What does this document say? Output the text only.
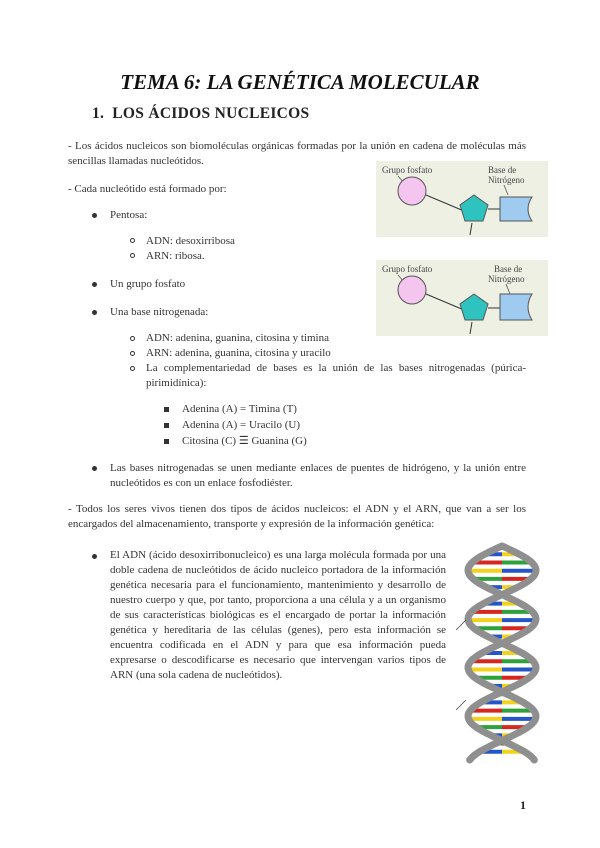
TEMA 6: LA GENÉTICA MOLECULAR
1. LOS ÁCIDOS NUCLEICOS
- Los ácidos nucleicos son biomoléculas orgánicas formadas por la unión en cadena de moléculas más sencillas llamadas nucleótidos.
- Cada nucleótido está formado por:
Pentosa:
ADN: desoxirribosa
ARN: ribosa.
Un grupo fosfato
Una base nitrogenada:
ADN: adenina, guanina, citosina y timina
ARN: adenina, guanina, citosina y uracilo
La complementariedad de bases es la unión de las bases nitrogenadas (púrica-pirimidínica):
Adenina (A) = Timina (T)
Adenina (A) = Uracilo (U)
Citosina (C) ☰ Guanina (G)
Las bases nitrogenadas se unen mediante enlaces de puentes de hidrógeno, y la unión entre nucleótidos es con un enlace fosfodiéster.
- Todos los seres vivos tienen dos tipos de ácidos nucleicos: el ADN y el ARN, que van a ser los encargados del almacenamiento, transporte y expresión de la información genética:
El ADN (ácido desoxirribonucleico) es una larga molécula formada por una doble cadena de nucleótidos de ácido nucleico portadora de la información genética necesaria para el funcionamiento, mantenimiento y desarrollo de nuestro cuerpo y que, por tanto, proporciona a una célula y a un organismo de sus características biológicas es el encargado de portar la información genética y hereditaria de las células (genes), pero esta información se encuentra codificada en el ADN y para que esa información pueda expresarse o descodificarse es necesario que intervengan varios tipos de ARN (una sola cadena de nucleótidos).
Grupo fosfato	Base de
Nitrógeno
Grupo fosfato	Base de
Nitrógeno
1
